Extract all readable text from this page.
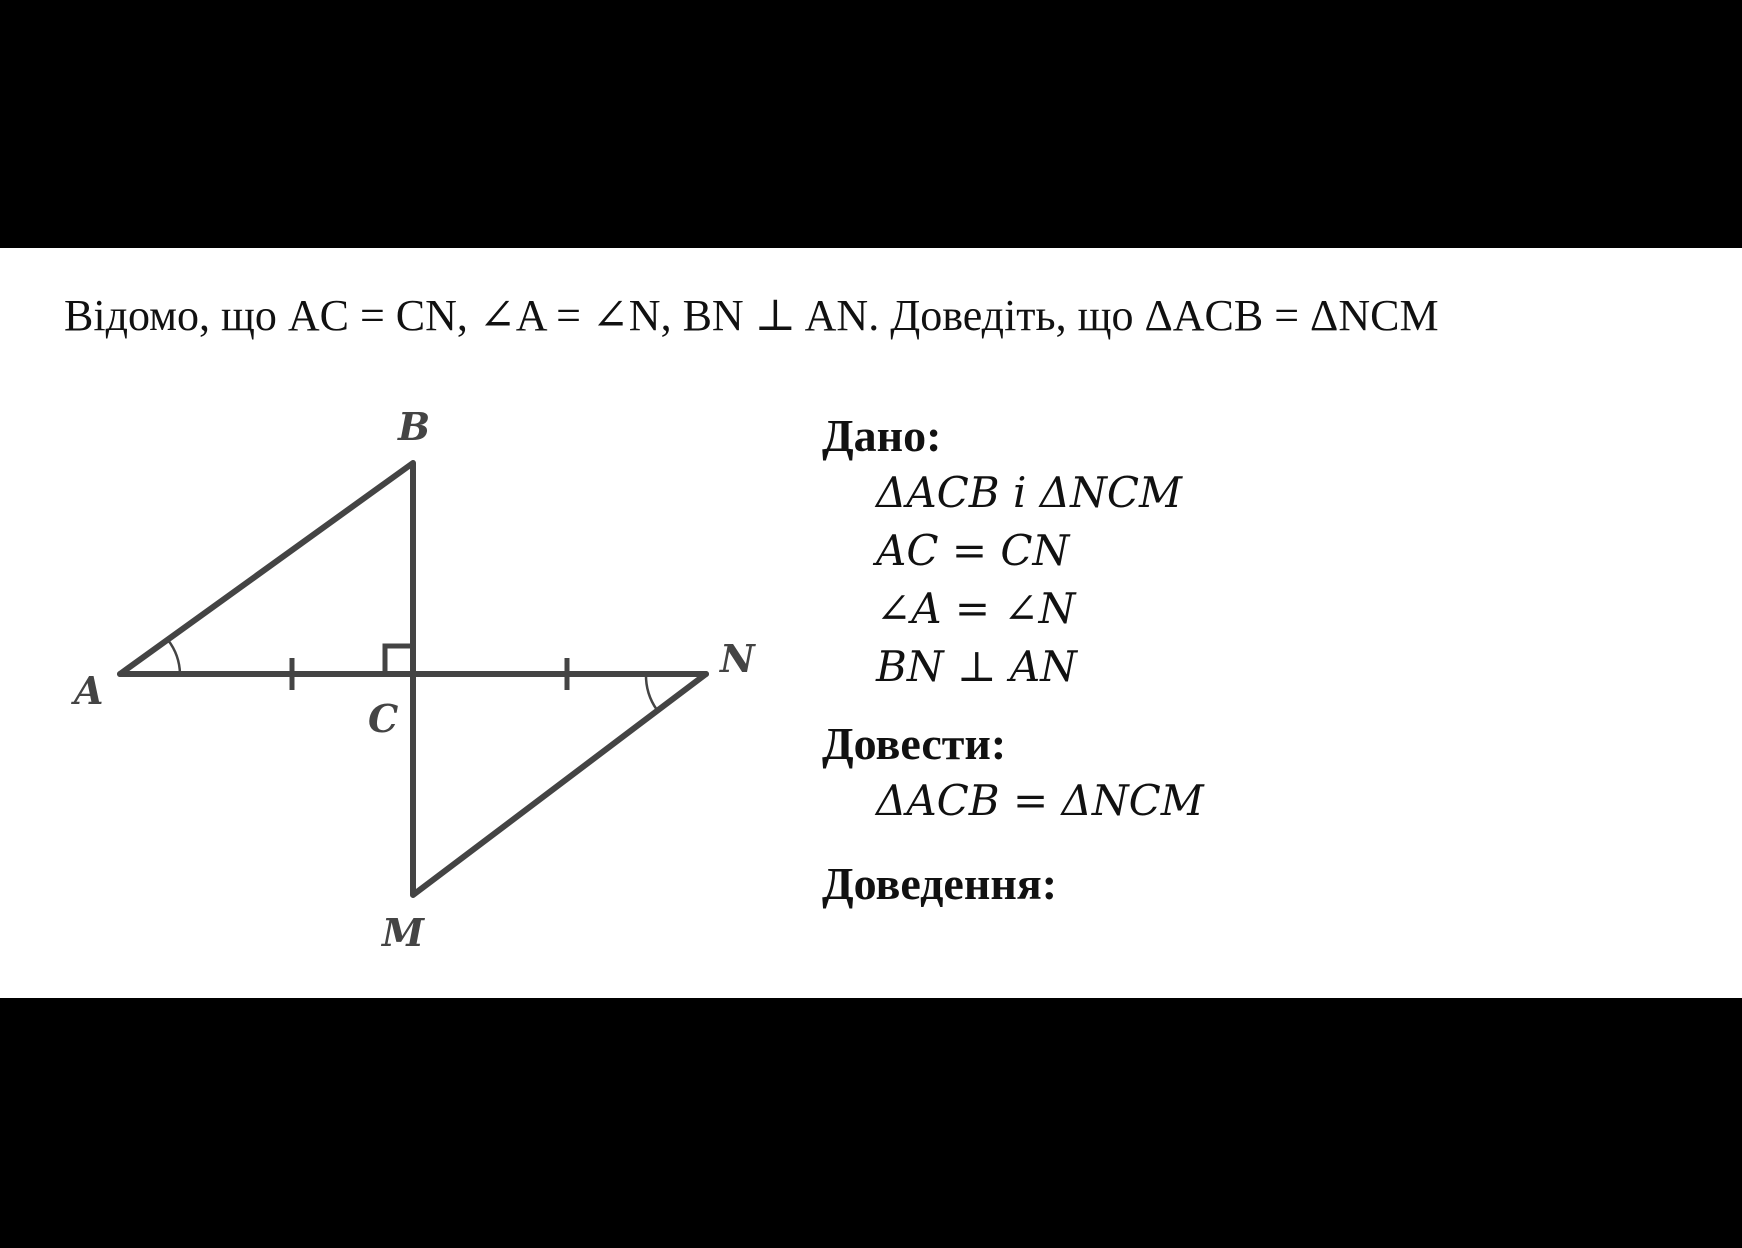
Відомо, що AC = CN, ∠A = ∠N, BN ⊥ AN. Доведіть, що ΔACB = ΔNCM
B
A
C
N
M
Дано:
ΔACB і ΔNCM
AC = CN
∠A = ∠N
BN ⊥ AN
Довести:
ΔACB = ΔNCM
Доведення:
